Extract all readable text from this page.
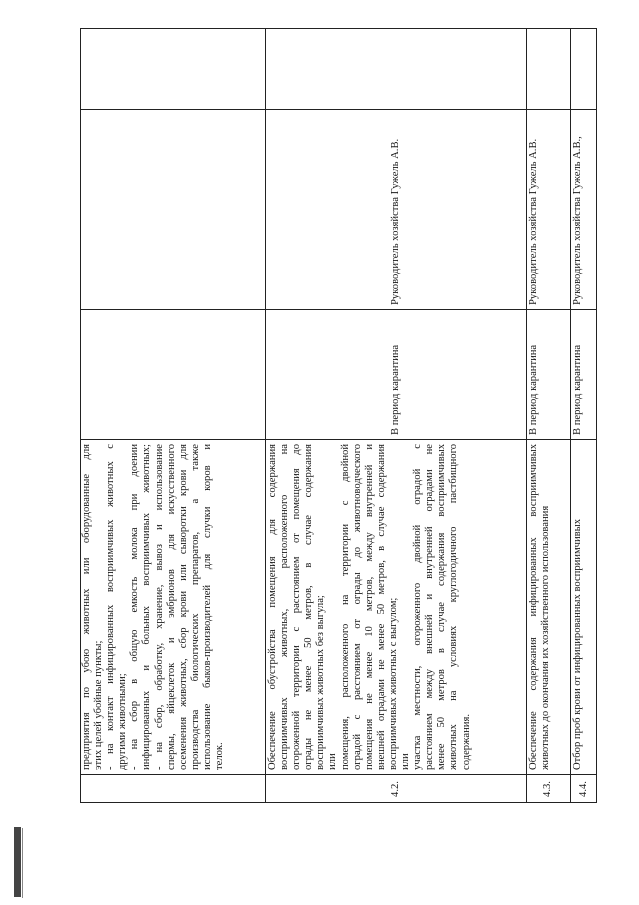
предприятия по убою животных или оборудованные для этих целей убойные пункты; - на контакт инфицированных восприимчивых животных с другими животными; - на сбор в общую емкость молока при доении инфицированных и больных восприимчивых животных; - на сбор, обработку, хранение, вывоз и использование спермы, яйцеклеток и эмбрионов для искусственного осеменения животных, сбор крови или сыворотки крови для производства биологических препаратов, а также использование быков-производителей для случки коров и телок.
4.2.
Обеспечение обустройства помещения для содержания восприимчивых животных, расположенного на огороженной территории с расстоянием от помещения до ограды не менее 50 метров, в случае содержания восприимчивых животных без выгула; или помещения, расположенного на территории с двойной оградой с расстоянием от ограды до животноводческого помещения не менее 10 метров, между внутренней и внешней оградами не менее 50 метров, в случае содержания восприимчивых животных с выгулом; или участка местности, огороженного двойной оградой с расстоянием между внешней и внутренней оградами не менее 50 метров в случае содержания восприимчивых животных на условиях круглогодичного пастбищного содержания.
В период карантина
Руководитель хозяйства Гужель А.В.
4.3.
Обеспечение содержания инфицированных восприимчивых животных до окончания их хозяйственного использования
В период карантина
Руководитель хозяйства Гужель А.В.
4.4.
Отбор проб крови от инфицированных восприимчивых
В период карантина
Руководитель хозяйства Гужель А.В.,
